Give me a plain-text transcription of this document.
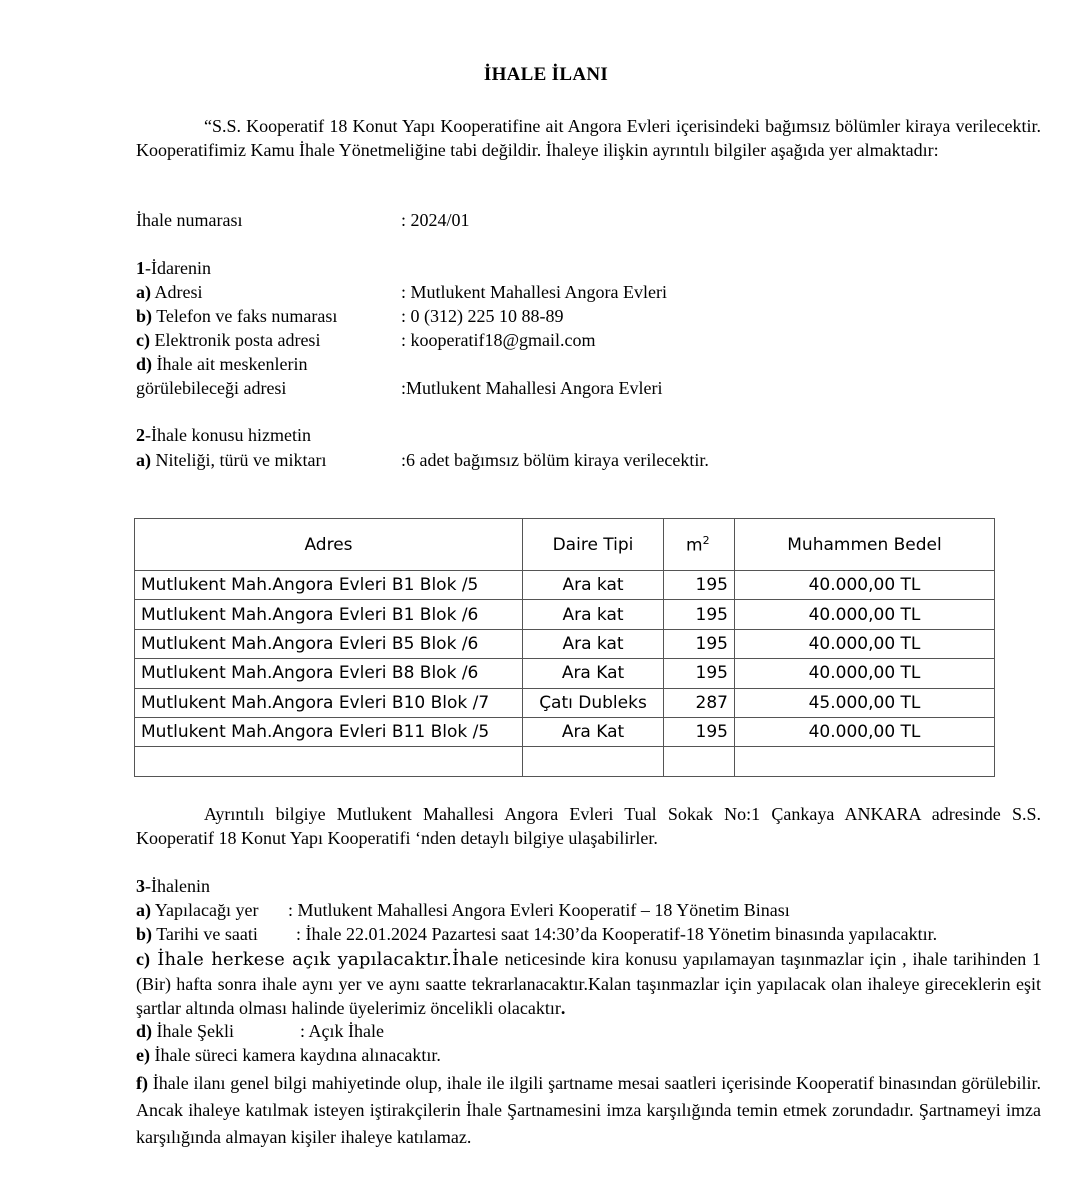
İHALE İLANI
“S.S. Kooperatif 18 Konut Yapı Kooperatifine ait Angora Evleri içerisindeki bağımsız bölümler kiraya verilecektir. Kooperatifimiz Kamu İhale Yönetmeliğine tabi değildir. İhaleye ilişkin ayrıntılı bilgiler aşağıda yer almaktadır:
İhale numarası	: 2024/01
1-İdarenin
a) Adresi	: Mutlukent Mahallesi Angora Evleri
b) Telefon ve faks numarası	: 0 (312) 225 10 88-89
c) Elektronik posta adresi	: kooperatif18@gmail.com
d) İhale ait meskenlerin
görülebileceği adresi	:Mutlukent Mahallesi Angora Evleri
2-İhale konusu hizmetin
a) Niteliği, türü ve miktarı	:6 adet bağımsız bölüm kiraya verilecektir.
Adres	Daire Tipi	$m^2$	Muhammen Bedel
Mutlukent Mah.Angora Evleri B1 Blok /5	Ara kat	195	40.000,00 TL
Mutlukent Mah.Angora Evleri B1 Blok /6	Ara kat	195	40.000,00 TL
Mutlukent Mah.Angora Evleri B5 Blok /6	Ara kat	195	40.000,00 TL
Mutlukent Mah.Angora Evleri B8 Blok /6	Ara Kat	195	40.000,00 TL
Mutlukent Mah.Angora Evleri B10 Blok /7	Çatı Dubleks	287	45.000,00 TL
Mutlukent Mah.Angora Evleri B11 Blok /5	Ara Kat	195	40.000,00 TL

Ayrıntılı bilgiye Mutlukent Mahallesi Angora Evleri Tual Sokak No:1 Çankaya ANKARA adresinde S.S. Kooperatif 18 Konut Yapı Kooperatifi ‘nden detaylı bilgiye ulaşabilirler.
3-İhalenin
a) Yapılacağı yer : Mutlukent Mahallesi Angora Evleri Kooperatif – 18 Yönetim Binası
b) Tarihi ve saati : İhale 22.01.2024 Pazartesi saat 14:30’da Kooperatif-18 Yönetim binasında yapılacaktır.
c) İhale herkese açık yapılacaktır.İhale neticesinde kira konusu yapılamayan taşınmazlar için , ihale tarihinden 1 (Bir) hafta sonra ihale aynı yer ve aynı saatte tekrarlanacaktır.Kalan taşınmazlar için yapılacak olan ihaleye gireceklerin eşit şartlar altında olması halinde üyelerimiz öncelikli olacaktır.
d) İhale Şekli	: Açık İhale
e) İhale süreci kamera kaydına alınacaktır.
f) İhale ilanı genel bilgi mahiyetinde olup, ihale ile ilgili şartname mesai saatleri içerisinde Kooperatif binasından görülebilir. Ancak ihaleye katılmak isteyen iştirakçilerin İhale Şartnamesini imza karşılığında temin etmek zorundadır. Şartnameyi imza karşılığında almayan kişiler ihaleye katılamaz.
